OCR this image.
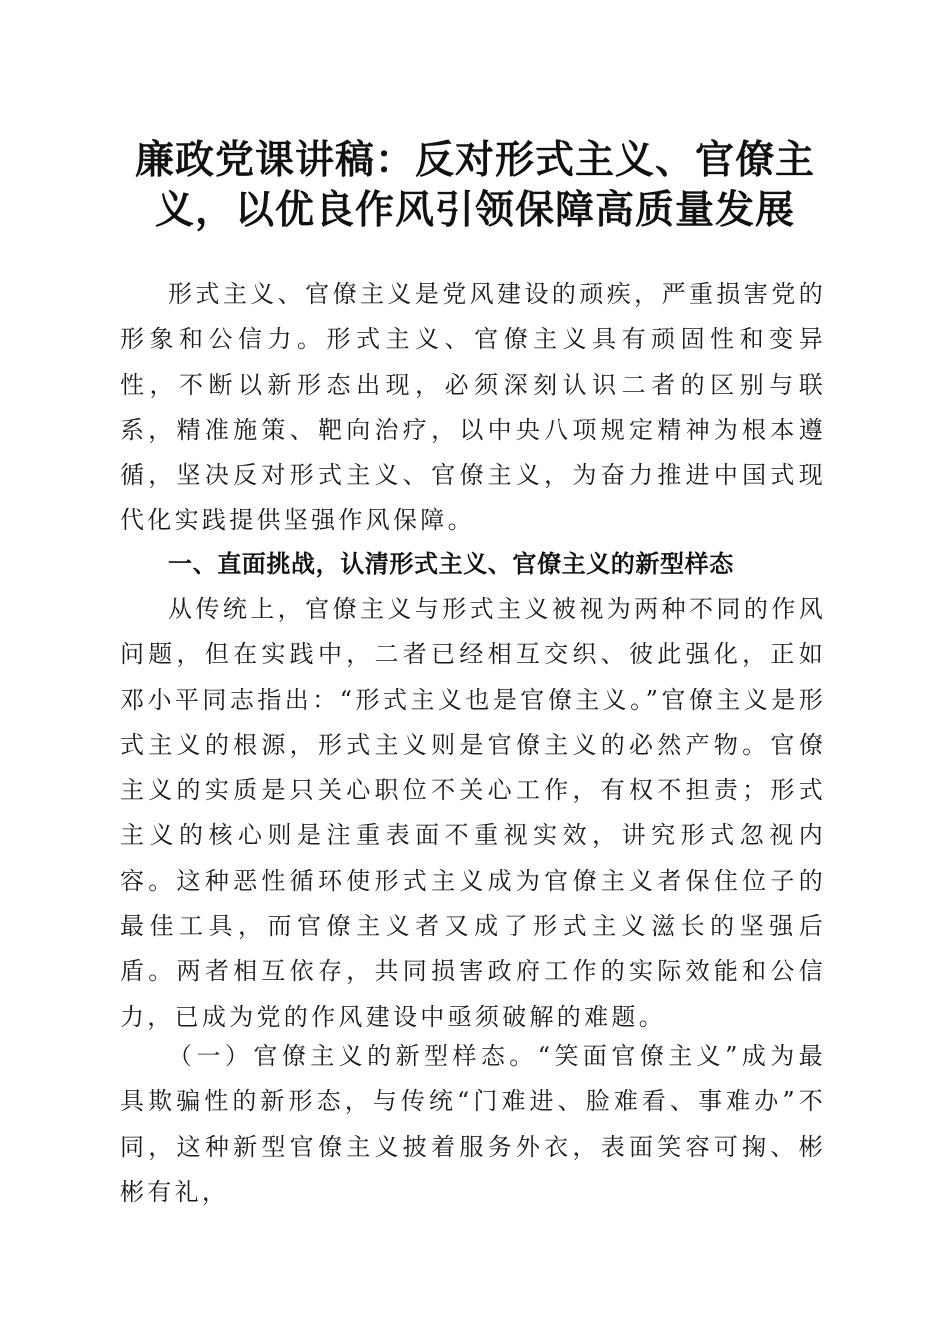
廉政党课讲稿：反对形式主义、官僚主义，以优良作风引领保障高质量发展

形式主义、官僚主义是党风建设的顽疾，严重损害党的形象和公信力。形式主义、官僚主义具有顽固性和变异性，不断以新形态出现，必须深刻认识二者的区别与联系，精准施策、靶向治疗，以中央八项规定精神为根本遵循，坚决反对形式主义、官僚主义，为奋力推进中国式现代化实践提供坚强作风保障。

一、直面挑战，认清形式主义、官僚主义的新型样态

从传统上，官僚主义与形式主义被视为两种不同的作风问题，但在实践中，二者已经相互交织、彼此强化，正如邓小平同志指出：“形式主义也是官僚主义。”官僚主义是形式主义的根源，形式主义则是官僚主义的必然产物。官僚主义的实质是只关心职位不关心工作，有权不担责；形式主义的核心则是注重表面不重视实效，讲究形式忽视内容。这种恶性循环使形式主义成为官僚主义者保住位子的最佳工具，而官僚主义者又成了形式主义滋长的坚强后盾。两者相互依存，共同损害政府工作的实际效能和公信力，已成为党的作风建设中亟须破解的难题。

（一）官僚主义的新型样态。“笑面官僚主义”成为最具欺骗性的新形态，与传统“门难进、脸难看、事难办”不同，这种新型官僚主义披着服务外衣，表面笑容可掬、彬彬有礼，
